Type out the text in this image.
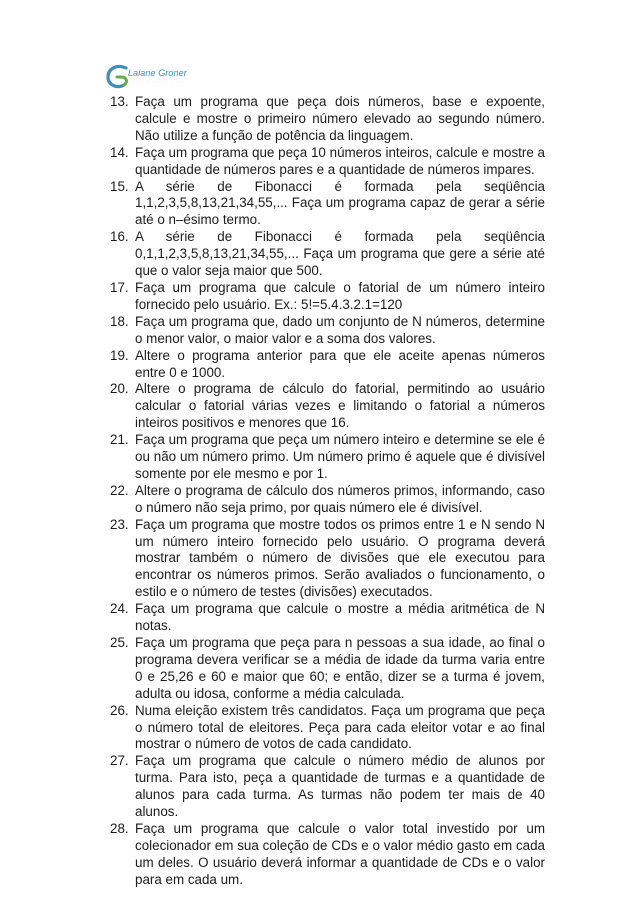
Laiane Groner
· · · · · · · · · · · ·
13. Faça um programa que peça dois números, base e expoente, calcule e mostre o primeiro número elevado ao segundo número. Não utilize a função de potência da linguagem.
14. Faça um programa que peça 10 números inteiros, calcule e mostre a quantidade de números pares e a quantidade de números impares.
15. A série de Fibonacci é formada pela seqüência 1,1,2,3,5,8,13,21,34,55,... Faça um programa capaz de gerar a série até o n–ésimo termo.
16. A série de Fibonacci é formada pela seqüência 0,1,1,2,3,5,8,13,21,34,55,... Faça um programa que gere a série até que o valor seja maior que 500.
17. Faça um programa que calcule o fatorial de um número inteiro fornecido pelo usuário. Ex.: 5!=5.4.3.2.1=120
18. Faça um programa que, dado um conjunto de N números, determine o menor valor, o maior valor e a soma dos valores.
19. Altere o programa anterior para que ele aceite apenas números entre 0 e 1000.
20. Altere o programa de cálculo do fatorial, permitindo ao usuário calcular o fatorial várias vezes e limitando o fatorial a números inteiros positivos e menores que 16.
21. Faça um programa que peça um número inteiro e determine se ele é ou não um número primo. Um número primo é aquele que é divisível somente por ele mesmo e por 1.
22. Altere o programa de cálculo dos números primos, informando, caso o número não seja primo, por quais número ele é divisível.
23. Faça um programa que mostre todos os primos entre 1 e N sendo N um número inteiro fornecido pelo usuário. O programa deverá mostrar também o número de divisões que ele executou para encontrar os números primos. Serão avaliados o funcionamento, o estilo e o número de testes (divisões) executados.
24. Faça um programa que calcule o mostre a média aritmética de N notas.
25. Faça um programa que peça para n pessoas a sua idade, ao final o programa devera verificar se a média de idade da turma varia entre 0 e 25,26 e 60 e maior que 60; e então, dizer se a turma é jovem, adulta ou idosa, conforme a média calculada.
26. Numa eleição existem três candidatos. Faça um programa que peça o número total de eleitores. Peça para cada eleitor votar e ao final mostrar o número de votos de cada candidato.
27. Faça um programa que calcule o número médio de alunos por turma. Para isto, peça a quantidade de turmas e a quantidade de alunos para cada turma. As turmas não podem ter mais de 40 alunos.
28. Faça um programa que calcule o valor total investido por um colecionador em sua coleção de CDs e o valor médio gasto em cada um deles. O usuário deverá informar a quantidade de CDs e o valor para em cada um.
